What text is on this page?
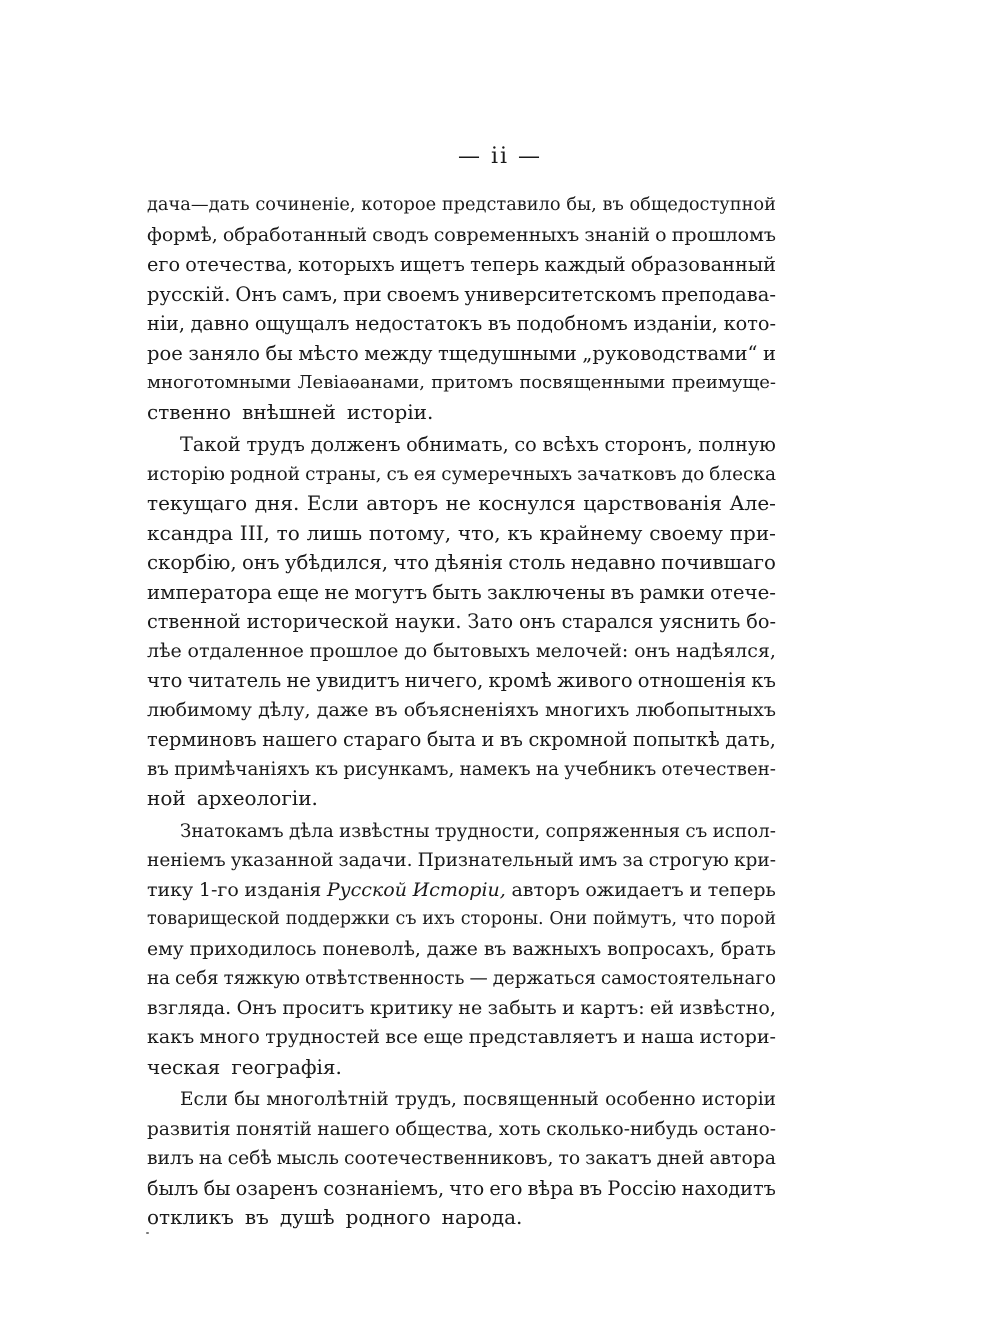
— ii —
дача—дать сочиненіе, которое представило бы, въ общедоступной
формѣ, обработанный сводъ современныхъ знаній о прошломъ
его отечества, которыхъ ищетъ теперь каждый образованный
русскій. Онъ самъ, при своемъ университетскомъ преподава-
ніи, давно ощущалъ недостатокъ въ подобномъ изданіи, кото-
рое заняло бы мѣсто между тщедушными „руководствами“ и
многотомными Левіаѳанами, притомъ посвященными преимуще-
ственно внѣшней исторіи.
Такой трудъ долженъ обнимать, со всѣхъ сторонъ, полную
исторію родной страны, съ ея сумеречныхъ зачатковъ до блеска
текущаго дня. Если авторъ не коснулся царствованія Але-
ксандра III, то лишь потому, что, къ крайнему своему при-
скорбію, онъ убѣдился, что дѣянія столь недавно почившаго
императора еще не могутъ быть заключены въ рамки отече-
ственной исторической науки. Зато онъ старался уяснить бо-
лѣе отдаленное прошлое до бытовыхъ мелочей: онъ надѣялся,
что читатель не увидитъ ничего, кромѣ живого отношенія къ
любимому дѣлу, даже въ объясненіяхъ многихъ любопытныхъ
терминовъ нашего стараго быта и въ скромной попыткѣ дать,
въ примѣчаніяхъ къ рисункамъ, намекъ на учебникъ отечествен-
ной археологіи.
Знатокамъ дѣла извѣстны трудности, сопряженныя съ испол-
неніемъ указанной задачи. Признательный имъ за строгую кри-
тику 1-го изданія Русской Исторіи, авторъ ожидаетъ и теперь
товарищеской поддержки съ ихъ стороны. Они поймутъ, что порой
ему приходилось поневолѣ, даже въ важныхъ вопросахъ, брать
на себя тяжкую отвѣтственность — держаться самостоятельнаго
взгляда. Онъ проситъ критику не забыть и картъ: ей извѣстно,
какъ много трудностей все еще представляетъ и наша истори-
ческая географія.
Если бы многолѣтній трудъ, посвященный особенно исторіи
развитія понятій нашего общества, хоть сколько-нибудь остано-
вилъ на себѣ мысль соотечественниковъ, то закатъ дней автора
былъ бы озаренъ сознаніемъ, что его вѣра въ Россію находитъ
откликъ въ душѣ родного народа.
